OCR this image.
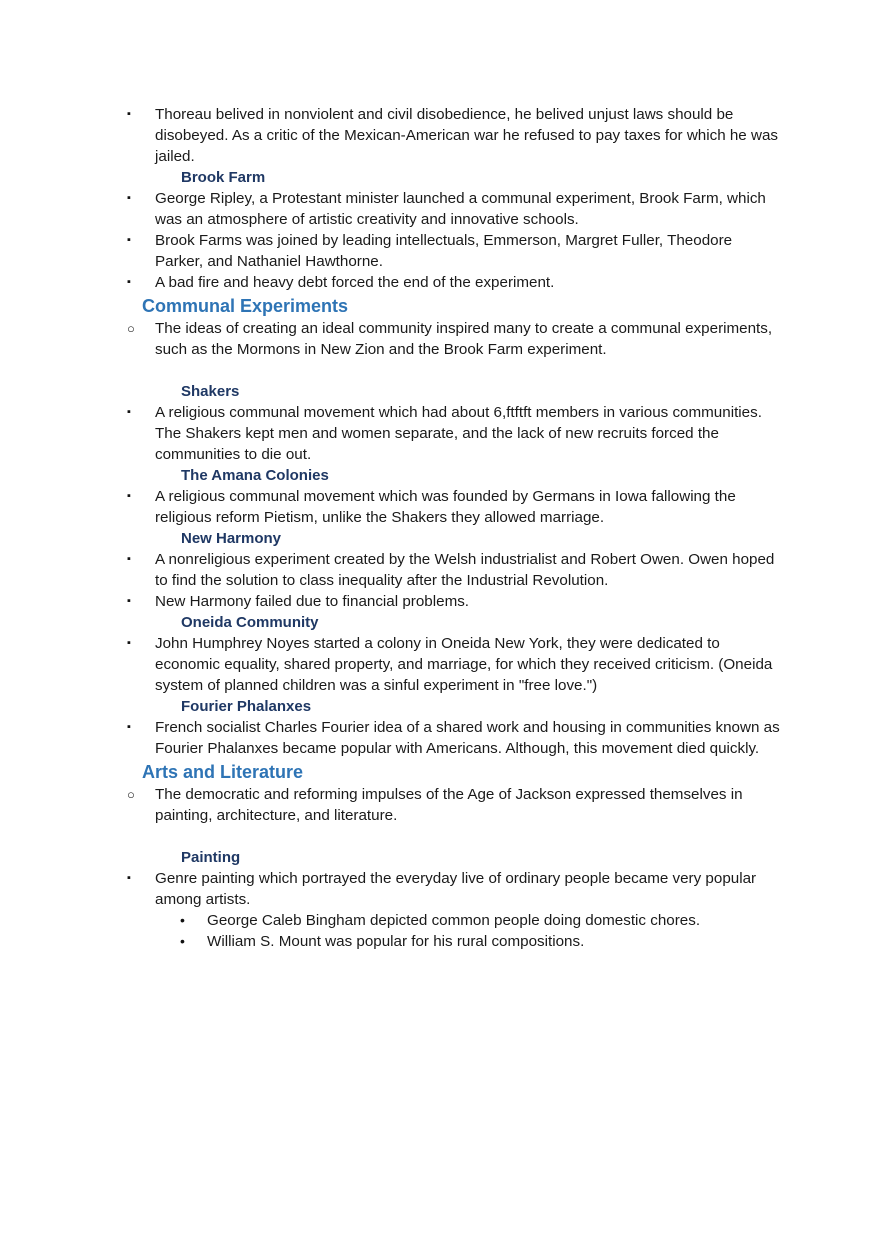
▪ Thoreau belived in nonviolent and civil disobedience, he belived unjust laws should be disobeyed. As a critic of the Mexican-American war he refused to pay taxes for which he was jailed.
Brook Farm
▪ George Ripley, a Protestant minister launched a communal experiment, Brook Farm, which was an atmosphere of artistic creativity and innovative schools.
▪ Brook Farms was joined by leading intellectuals, Emmerson, Margret Fuller, Theodore Parker, and Nathaniel Hawthorne.
▪ A bad fire and heavy debt forced the end of the experiment.
Communal Experiments
○ The ideas of creating an ideal community inspired many to create a communal experiments, such as the Mormons in New Zion and the Brook Farm experiment.
Shakers
▪ A religious communal movement which had about 6,ftftft members in various communities. The Shakers kept men and women separate, and the lack of new recruits forced the communities to die out.
The Amana Colonies
▪ A religious communal movement which was founded by Germans in Iowa fallowing the religious reform Pietism, unlike the Shakers they allowed marriage.
New Harmony
▪ A nonreligious experiment created by the Welsh industrialist and Robert Owen. Owen hoped to find the solution to class inequality after the Industrial Revolution.
▪ New Harmony failed due to financial problems.
Oneida Community
▪ John Humphrey Noyes started a colony in Oneida New York, they were dedicated to economic equality, shared property, and marriage, for which they received criticism. (Oneida system of planned children was a sinful experiment in "free love.")
Fourier Phalanxes
▪ French socialist Charles Fourier idea of a shared work and housing in communities known as Fourier Phalanxes became popular with Americans. Although, this movement died quickly.
Arts and Literature
○ The democratic and reforming impulses of the Age of Jackson expressed themselves in painting, architecture, and literature.
Painting
▪ Genre painting which portrayed the everyday live of ordinary people became very popular among artists.
• George Caleb Bingham depicted common people doing domestic chores.
• William S. Mount was popular for his rural compositions.
